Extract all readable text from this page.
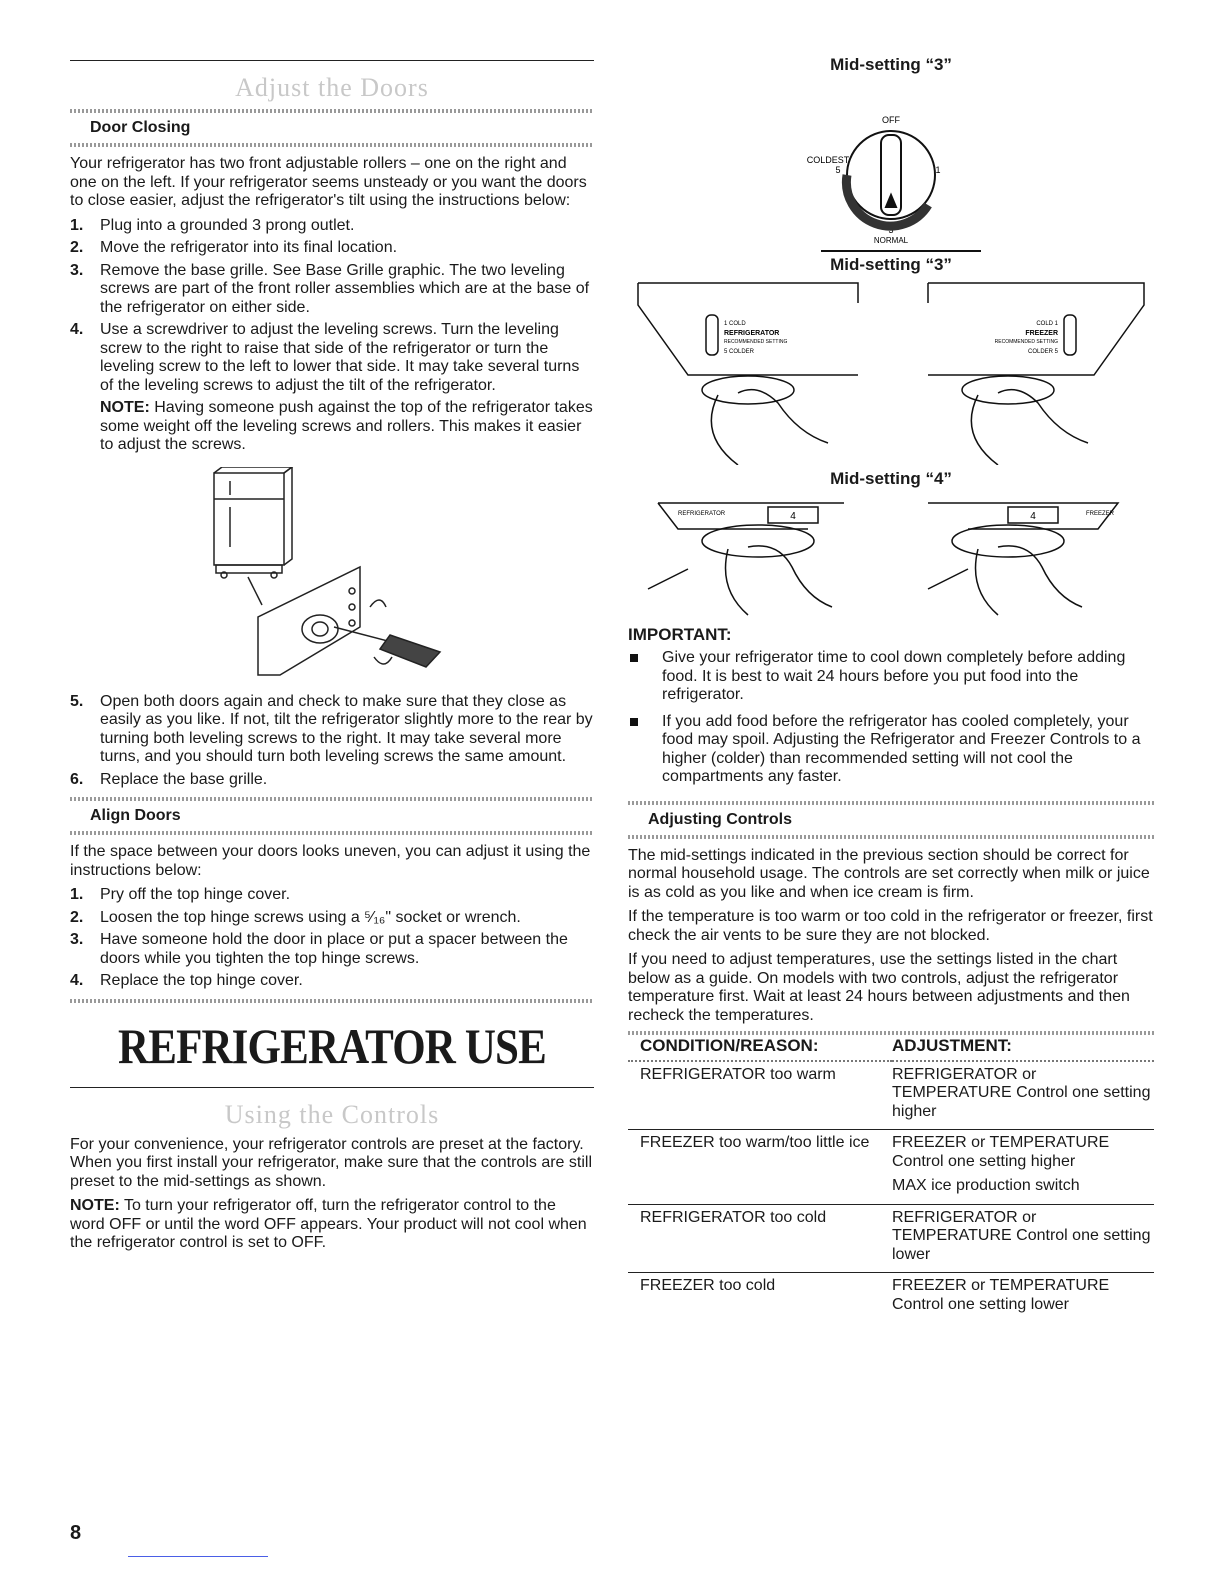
Adjust the Doors
Door Closing

Your refrigerator has two front adjustable rollers – one on the right and one on the left. If your refrigerator seems unsteady or you want the doors to close easier, adjust the refrigerator's tilt using the instructions below:

1.	Plug into a grounded 3 prong outlet.
2.	Move the refrigerator into its final location.
3.	Remove the base grille. See Base Grille graphic. The two leveling screws are part of the front roller assemblies which are at the base of the refrigerator on either side.
4.	Use a screwdriver to adjust the leveling screws. Turn the leveling screw to the right to raise that side of the refrigerator or turn the leveling screw to the left to lower that side. It may take several turns of the leveling screws to adjust the tilt of the refrigerator.

NOTE: Having someone push against the top of the refrigerator takes some weight off the leveling screws and rollers. This makes it easier to adjust the screws.

5.	Open both doors again and check to make sure that they close as easily as you like. If not, tilt the refrigerator slightly more to the rear by turning both leveling screws to the right. It may take several more turns, and you should turn both leveling screws the same amount.
6.	Replace the base grille.
Align Doors

If the space between your doors looks uneven, you can adjust it using the instructions below:

1.	Pry off the top hinge cover.
2.	Loosen the top hinge screws using a ⁵⁄₁₆" socket or wrench.
3.	Have someone hold the door in place or put a spacer between the doors while you tighten the top hinge screws.
4.	Replace the top hinge cover.
REFRIGERATOR USE
Using the Controls

For your convenience, your refrigerator controls are preset at the factory. When you first install your refrigerator, make sure that the controls are still preset to the mid-settings as shown.

NOTE: To turn your refrigerator off, turn the refrigerator control to the word OFF or until the word OFF appears. Your product will not cool when the refrigerator control is set to OFF.

Mid-setting “3”
OFF
COLDEST
5	1
3
NORMAL
Mid-setting “3”
1 COLD
REFRIGERATOR
RECOMMENDED SETTING
5 COLDER
COLD 1
FREEZER
RECOMMENDED SETTING
COLDER 5
Mid-setting “4”
REFRIGERATOR	FREEZER
4	4
IMPORTANT:
Give your refrigerator time to cool down completely before adding food. It is best to wait 24 hours before you put food into the refrigerator.
If you add food before the refrigerator has cooled completely, your food may spoil. Adjusting the Refrigerator and Freezer Controls to a higher (colder) than recommended setting will not cool the compartments any faster.
Adjusting Controls

The mid-settings indicated in the previous section should be correct for normal household usage. The controls are set correctly when milk or juice is as cold as you like and when ice cream is firm.

If the temperature is too warm or too cold in the refrigerator or freezer, first check the air vents to be sure they are not blocked.

If you need to adjust temperatures, use the settings listed in the chart below as a guide. On models with two controls, adjust the refrigerator temperature first. Wait at least 24 hours between adjustments and then recheck the temperatures.

CONDITION/REASON:	ADJUSTMENT:
REFRIGERATOR too warm	REFRIGERATOR or TEMPERATURE Control one setting higher
FREEZER too warm/too little ice	FREEZER or TEMPERATURE Control one setting higher
MAX ice production switch

REFRIGERATOR too cold	REFRIGERATOR or TEMPERATURE Control one setting lower
FREEZER too cold	FREEZER or TEMPERATURE Control one setting lower
8
